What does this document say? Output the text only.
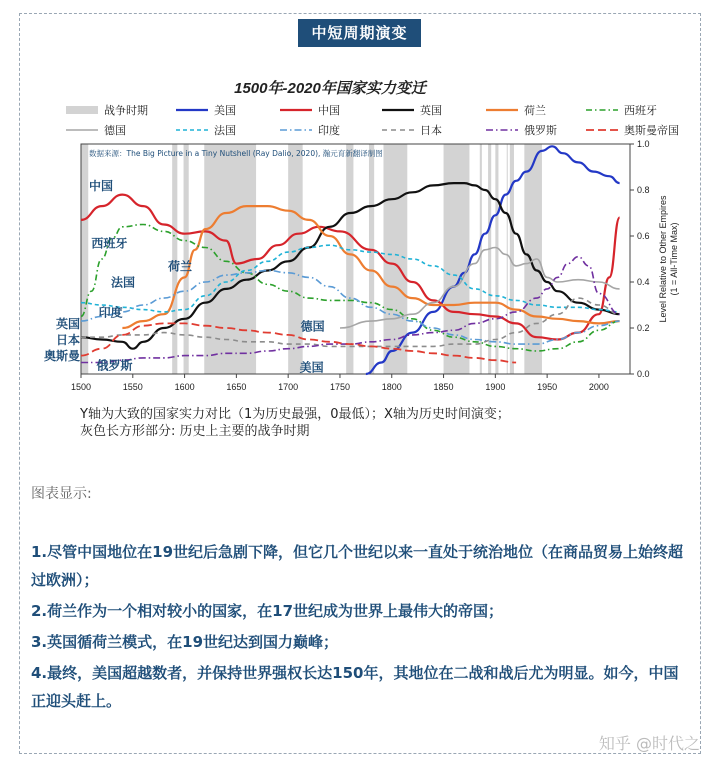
中短周期演变
1500年-2020年国家实力变迁
战争时期	美国	中国	英国	荷兰	西班牙
德国	法国	印度	日本	俄罗斯	奥斯曼帝国
数据来源：The Big Picture in a Tiny Nutshell (Ray Dalio, 2020), 瀚元育新翻译制图
1500	1550	1600	1650	1700	1750	1800	1850	1900	1950	2000
0.0
0.2
0.4
0.6
0.8
1.0
中国
西班牙
法国
印度
英国
日本
奥斯曼
俄罗斯
荷兰
德国
美国
Level Relative to Other Empires(1 = All-Time Max)
Y轴为大致的国家实力对比（1为历史最强，0最低）；X轴为历史时间演变；
灰色长方形部分: 历史上主要的战争时期
图表显示:
1.尽管中国地位在19世纪后急剧下降，但它几个世纪以来一直处于统治地位（在商品贸易上始终超过欧洲）；
2.荷兰作为一个相对较小的国家，在17世纪成为世界上最伟大的帝国；
3.英国循荷兰模式，在19世纪达到国力巅峰；
4.最终，美国超越数者，并保持世界强权长达150年，其地位在二战和战后尤为明显。如今，中国正迎头赶上。
知乎 @时代之
